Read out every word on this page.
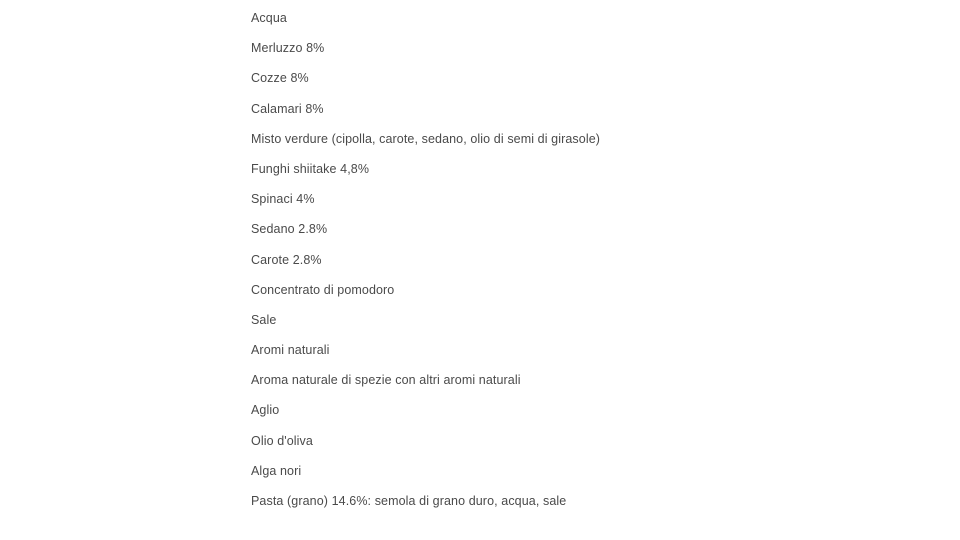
Acqua
Merluzzo 8%
Cozze 8%
Calamari 8%
Misto verdure (cipolla, carote, sedano, olio di semi di girasole)
Funghi shiitake 4,8%
Spinaci 4%
Sedano 2.8%
Carote 2.8%
Concentrato di pomodoro
Sale
Aromi naturali
Aroma naturale di spezie con altri aromi naturali
Aglio
Olio d'oliva
Alga nori
Pasta (grano) 14.6%: semola di grano duro, acqua, sale
